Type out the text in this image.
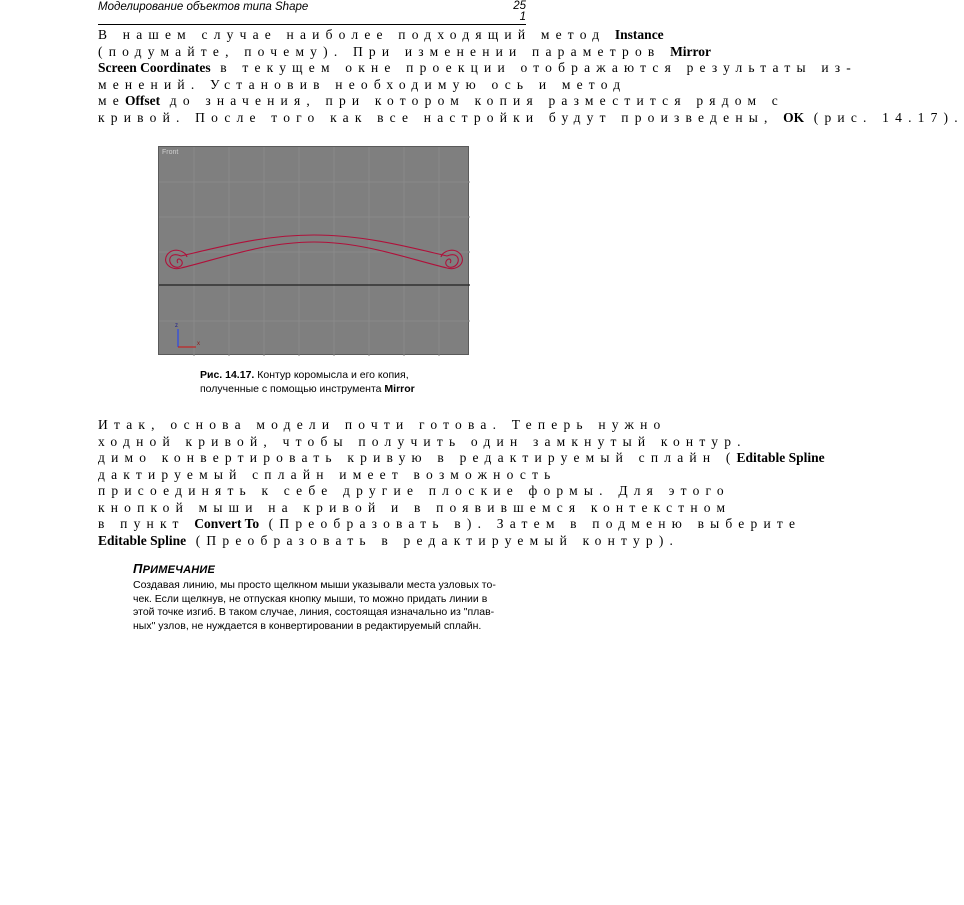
Моделирование объектов типа Shape	25
1
В нашем случае наиболее подходящий метод Instance
(подумайте, почему). При изменении параметров Mirror
Screen Coordinates в текущем окне проекции отображаются результаты из-
менений. Установив необходимую ось и метод
меOffset до значения, при котором копия разместится рядом с
кривой. После того как все настройки будут произведены, OK (рис. 14.17).
z
x
Front
Рис. 14.17. Контур коромысла и его копия,
полученные с помощью инструмента Mirror
Итак, основа модели почти готова. Теперь нужно
ходной кривой, чтобы получить один замкнутый контур.
димо конвертировать кривую в редактируемый сплайн (Editable Spline
дактируемый сплайн имеет возможность
присоединять к себе другие плоские формы. Для этого
кнопкой мыши на кривой и в появившемся контекстном
в пункт Convert To (Преобразовать в). Затем в подменю выберите
Editable Spline (Преобразовать в редактируемый контур).
ПРИМЕЧАНИЕ
Создавая линию, мы просто щелкном мыши указывали места узловых то-
чек. Если щелкнув, не отпуская кнопку мыши, то можно придать линии в
этой точке изгиб. В таком случае, линия, состоящая изначально из "плав-
ных" узлов, не нуждается в конвертировании в редактируемый сплайн.
